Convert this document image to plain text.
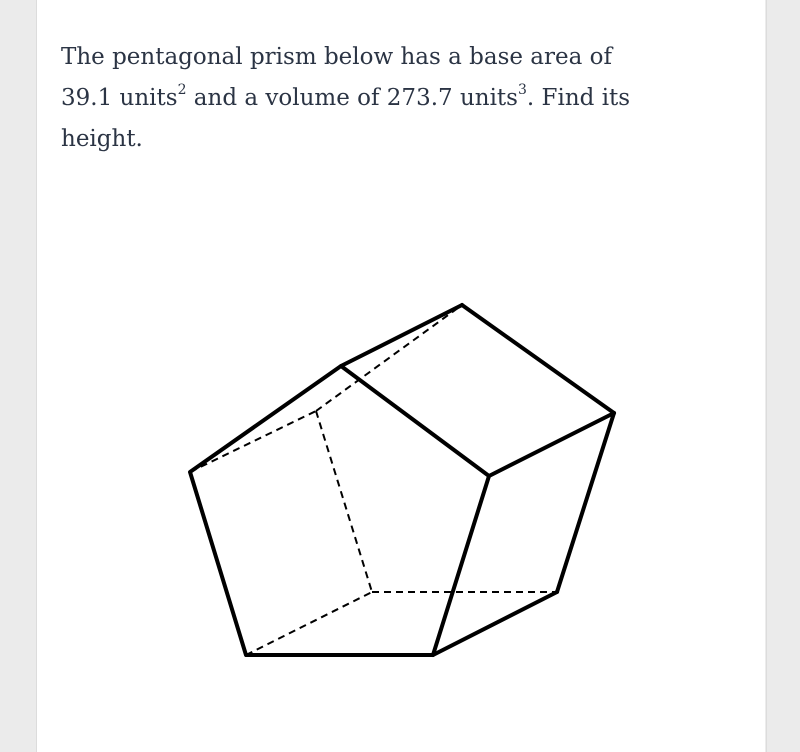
The pentagonal prism below has a base area of
39.1 units$^2$ and a volume of 273.7 units$^3$. Find its
height.
